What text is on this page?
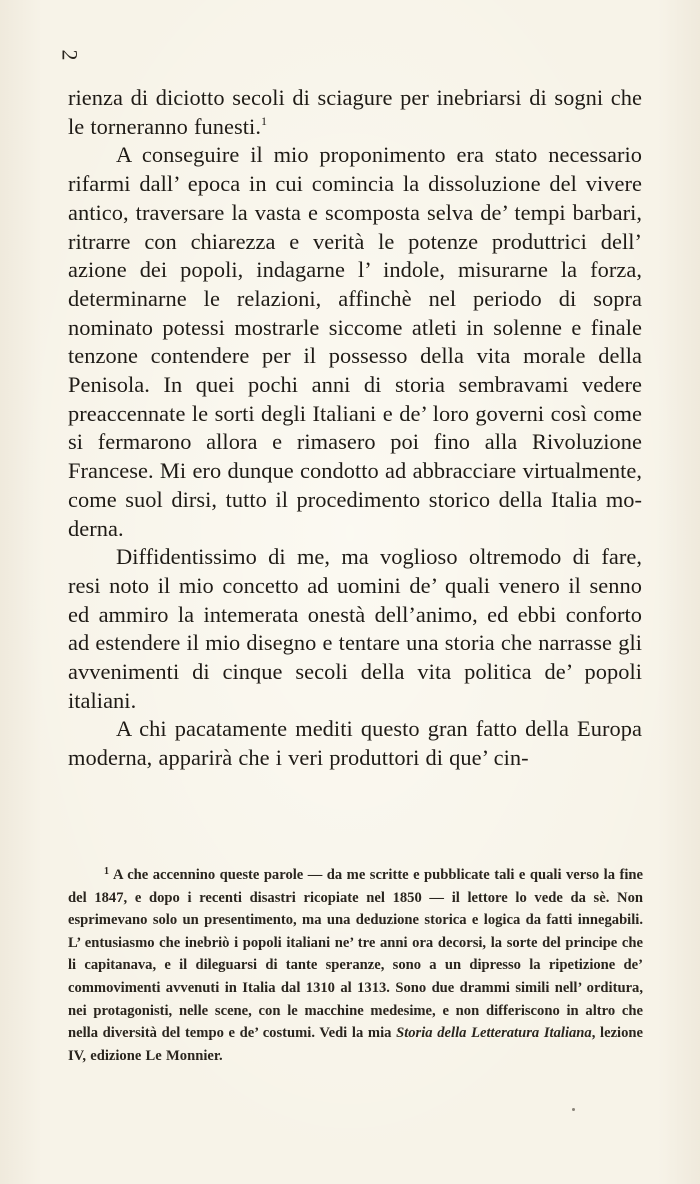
2

rienza di diciotto secoli di sciagure per inebriarsi di sogni che le torneranno funesti.$^1$

A conseguire il mio proponimento era stato necessario rifarmi dall’ epoca in cui comincia la dissoluzione del vivere antico, traversare la vasta e scomposta selva de’ tempi barbari, ritrarre con chiarezza e verità le potenze produttrici dell’ azione dei popoli, indagarne l’ indole, misurarne la forza, determinarne le relazioni, affinchè nel periodo di sopra nominato potessi mostrarle siccome atleti in solenne e finale tenzone contendere per il possesso della vita morale della Penisola. In quei pochi anni di storia sembravami vedere preaccennate le sorti degli Italiani e de’ loro governi così come si fermarono allora e rimasero poi fino alla Rivoluzione Francese. Mi ero dunque condotto ad abbracciare virtualmente, come suol dirsi, tutto il procedimento storico della Italia moderna.

Diffidentissimo di me, ma voglioso oltremodo di fare, resi noto il mio concetto ad uomini de’ quali venero il senno ed ammiro la intemerata onestà dell’animo, ed ebbi conforto ad estendere il mio disegno e tentare una storia che narrasse gli avvenimenti di cinque secoli della vita politica de’ popoli italiani.

A chi pacatamente mediti questo gran fatto della Europa moderna, apparirà che i veri produttori di que’ cin-

$^1$ A che accennino queste parole — da me scritte e pubblicate tali e quali verso la fine del 1847, e dopo i recenti disastri ricopiate nel 1850 — il lettore lo vede da sè. Non esprimevano solo un presentimento, ma una deduzione storica e logica da fatti innegabili. L’ entusiasmo che inebriò i popoli italiani ne’ tre anni ora decorsi, la sorte del principe che li capitanava, e il dileguarsi di tante speranze, sono a un dipresso la ripetizione de’ commovimenti avvenuti in Italia dal 1310 al 1313. Sono due drammi simili nell’ orditura, nei protagonisti, nelle scene, con le macchine medesime, e non differiscono in altro che nella diversità del tempo e de’ costumi. Vedi la mia Storia della Letteratura Italiana, lezione IV, edizione Le Monnier.
